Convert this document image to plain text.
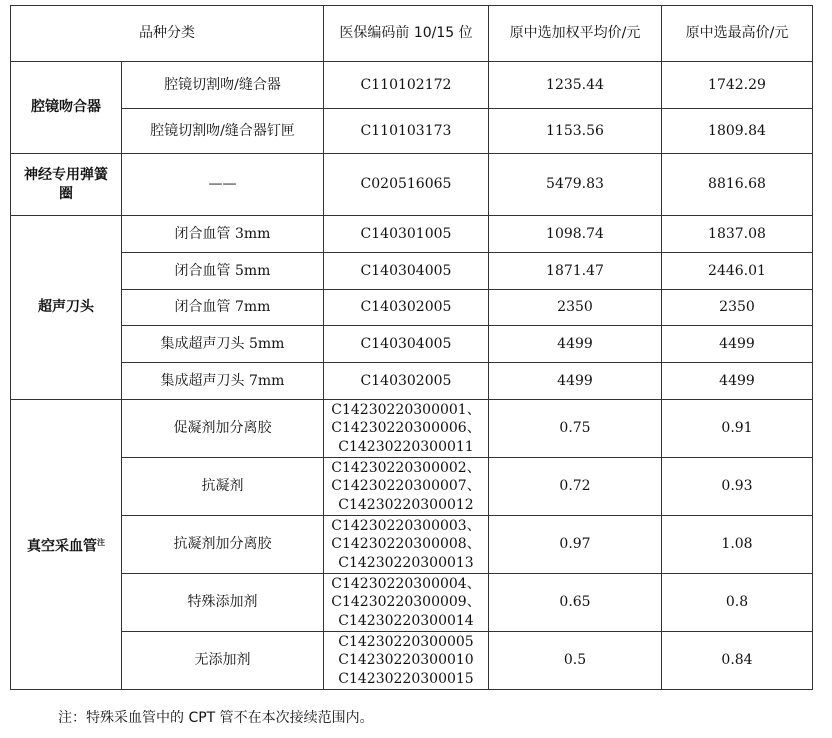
品种分类		医保编码前 10/15 位	原中选加权平均价/元	原中选最高价/元
腔镜吻合器	腔镜切割吻/缝合器	C110102172	1235.44	1742.29
	腔镜切割吻/缝合器钉匣	C110103173	1153.56	1809.84
神经专用弹簧圈	——	C020516065	5479.83	8816.68
超声刀头	闭合血管 3mm	C140301005	1098.74	1837.08
	闭合血管 5mm	C140304005	1871.47	2446.01
	闭合血管 7mm	C140302005	2350	2350
	集成超声刀头 5mm	C140304005	4499	4499
	集成超声刀头 7mm	C140302005	4499	4499
真空采血管$^注$	促凝剂加分离胶	C14230220300001、
C14230220300006、
C14230220300011	0.75	0.91
	抗凝剂	C14230220300002、
C14230220300007、
C14230220300012	0.72	0.93
	抗凝剂加分离胶	C14230220300003、
C14230220300008、
C14230220300013	0.97	1.08
	特殊添加剂	C14230220300004、
C14230220300009、
C14230220300014	0.65	0.8
	无添加剂	C14230220300005
C14230220300010
C14230220300015	0.5	0.84
注：特殊采血管中的 CPT 管不在本次接续范围内。
